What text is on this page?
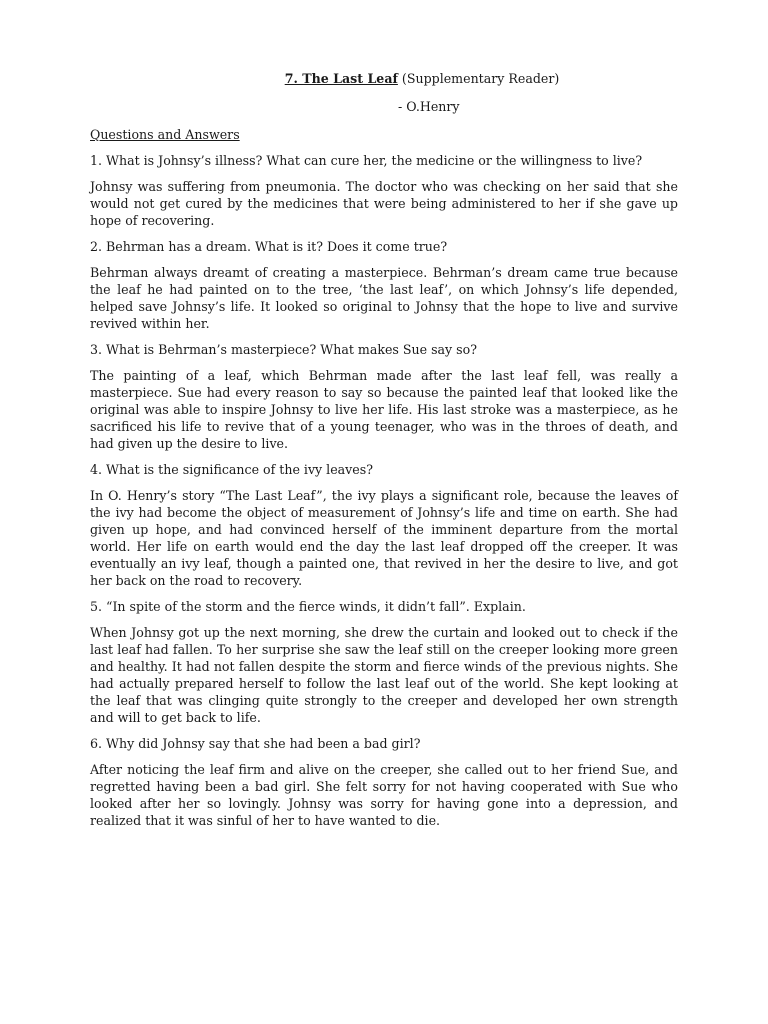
7. The Last Leaf (Supplementary Reader)

- O.Henry

Questions and Answers

1. What is Johnsy’s illness? What can cure her, the medicine or the willingness to live?

Johnsy was suffering from pneumonia. The doctor who was checking on her said that she would not get cured by the medicines that were being administered to her if she gave up hope of recovering.

2. Behrman has a dream. What is it? Does it come true?

Behrman always dreamt of creating a masterpiece. Behrman’s dream came true because the leaf he had painted on to the tree, ‘the last leaf’, on which Johnsy’s life depended, helped save Johnsy’s life. It looked so original to Johnsy that the hope to live and survive revived within her.

3. What is Behrman’s masterpiece? What makes Sue say so?

The painting of a leaf, which Behrman made after the last leaf fell, was really a masterpiece. Sue had every reason to say so because the painted leaf that looked like the original was able to inspire Johnsy to live her life. His last stroke was a masterpiece, as he sacrificed his life to revive that of a young teenager, who was in the throes of death, and had given up the desire to live.

4. What is the significance of the ivy leaves?

In O. Henry’s story “The Last Leaf”, the ivy plays a significant role, because the leaves of the ivy had become the object of measurement of Johnsy’s life and time on earth. She had given up hope, and had convinced herself of the imminent departure from the mortal world. Her life on earth would end the day the last leaf dropped off the creeper. It was eventually an ivy leaf, though a painted one, that revived in her the desire to live, and got her back on the road to recovery.

5. “In spite of the storm and the fierce winds, it didn’t fall”. Explain.

When Johnsy got up the next morning, she drew the curtain and looked out to check if the last leaf had fallen. To her surprise she saw the leaf still on the creeper looking more green and healthy. It had not fallen despite the storm and fierce winds of the previous nights. She had actually prepared herself to follow the last leaf out of the world. She kept looking at the leaf that was clinging quite strongly to the creeper and developed her own strength and will to get back to life.

6. Why did Johnsy say that she had been a bad girl?

After noticing the leaf firm and alive on the creeper, she called out to her friend Sue, and regretted having been a bad girl. She felt sorry for not having cooperated with Sue who looked after her so lovingly. Johnsy was sorry for having gone into a depression, and realized that it was sinful of her to have wanted to die.
